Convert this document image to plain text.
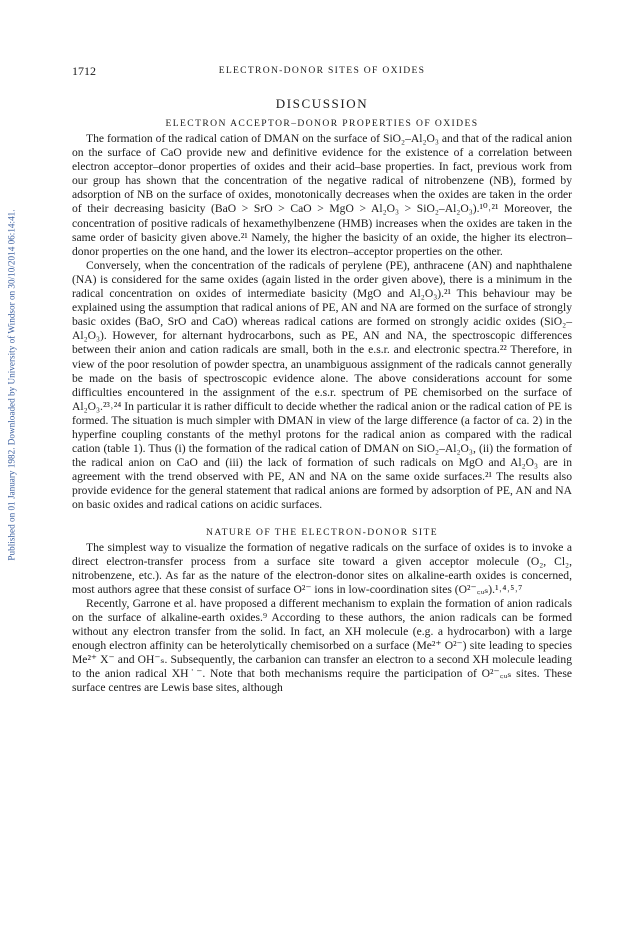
Published on 01 January 1982. Downloaded by University of Windsor on 30/10/2014 06:14:41.
1712	ELECTRON-DONOR SITES OF OXIDES
DISCUSSION
ELECTRON ACCEPTOR–DONOR PROPERTIES OF OXIDES

The formation of the radical cation of DMAN on the surface of SiO₂–Al₂O₃ and that of the radical anion on the surface of CaO provide new and definitive evidence for the existence of a correlation between electron acceptor–donor properties of oxides and their acid–base properties. In fact, previous work from our group has shown that the concentration of the negative radical of nitrobenzene (NB), formed by adsorption of NB on the surface of oxides, monotonically decreases when the oxides are taken in the order of their decreasing basicity (BaO > SrO > CaO > MgO > Al₂O₃ > SiO₂–Al₂O₃).¹⁰˒²¹ Moreover, the concentration of positive radicals of hexamethylbenzene (HMB) increases when the oxides are taken in the same order of basicity given above.²¹ Namely, the higher the basicity of an oxide, the higher its electron–donor properties on the one hand, and the lower its electron–acceptor properties on the other.

Conversely, when the concentration of the radicals of perylene (PE), anthracene (AN) and naphthalene (NA) is considered for the same oxides (again listed in the order given above), there is a minimum in the radical concentration on oxides of intermediate basicity (MgO and Al₂O₃).²¹ This behaviour may be explained using the assumption that radical anions of PE, AN and NA are formed on the surface of strongly basic oxides (BaO, SrO and CaO) whereas radical cations are formed on strongly acidic oxides (SiO₂–Al₂O₃). However, for alternant hydrocarbons, such as PE, AN and NA, the spectroscopic differences between their anion and cation radicals are small, both in the e.s.r. and electronic spectra.²² Therefore, in view of the poor resolution of powder spectra, an unambiguous assignment of the radicals cannot generally be made on the basis of spectroscopic evidence alone. The above considerations account for some difficulties encountered in the assignment of the e.s.r. spectrum of PE chemisorbed on the surface of Al₂O₃.²³˒²⁴ In particular it is rather difficult to decide whether the radical anion or the radical cation of PE is formed. The situation is much simpler with DMAN in view of the large difference (a factor of ca. 2) in the hyperfine coupling constants of the methyl protons for the radical anion as compared with the radical cation (table 1). Thus (i) the formation of the radical cation of DMAN on SiO₂–Al₂O₃, (ii) the formation of the radical anion on CaO and (iii) the lack of formation of such radicals on MgO and Al₂O₃ are in agreement with the trend observed with PE, AN and NA on the same oxide surfaces.²¹ The results also provide evidence for the general statement that radical anions are formed by adsorption of PE, AN and NA on basic oxides and radical cations on acidic surfaces.

NATURE OF THE ELECTRON-DONOR SITE

The simplest way to visualize the formation of negative radicals on the surface of oxides is to invoke a direct electron-transfer process from a surface site toward a given acceptor molecule (O₂, Cl₂, nitrobenzene, etc.). As far as the nature of the electron-donor sites on alkaline-earth oxides is concerned, most authors agree that these consist of surface O²⁻ ions in low-coordination sites (O²⁻꜀ᵤₛ).¹˒⁴˒⁵˒⁷

Recently, Garrone et al. have proposed a different mechanism to explain the formation of anion radicals on the surface of alkaline-earth oxides.⁹ According to these authors, the anion radicals can be formed without any electron transfer from the solid. In fact, an XH molecule (e.g. a hydrocarbon) with a large enough electron affinity can be heterolytically chemisorbed on a surface (Me²⁺ O²⁻) site leading to species Me²⁺ X⁻ and OH⁻ₛ. Subsequently, the carbanion can transfer an electron to a second XH molecule leading to the anion radical XH˙⁻. Note that both mechanisms require the participation of O²⁻꜀ᵤₛ sites. These surface centres are Lewis base sites, although
